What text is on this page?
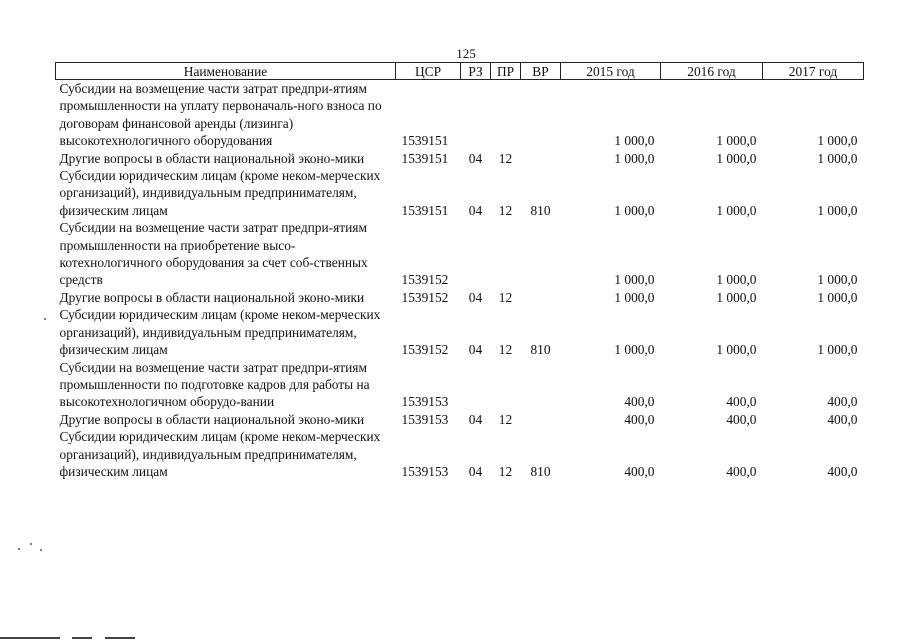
125
Наименование	ЦСР	РЗ	ПР	ВР	2015 год	2016 год	2017 год
Субсидии на возмещение части затрат предпри-ятиям промышленности на уплату первоначаль-ного взноса по договорам финансовой аренды (лизинга) высокотехнологичного оборудования	1539151				1 000,0	1 000,0	1 000,0
Другие вопросы в области национальной эконо-мики	1539151	04	12		1 000,0	1 000,0	1 000,0
Субсидии юридическим лицам (кроме неком-мерческих организаций), индивидуальным предпринимателям, физическим лицам	1539151	04	12	810	1 000,0	1 000,0	1 000,0
Субсидии на возмещение части затрат предпри-ятиям промышленности на приобретение высо-котехнологичного оборудования за счет соб-ственных средств	1539152				1 000,0	1 000,0	1 000,0
Другие вопросы в области национальной эконо-мики	1539152	04	12		1 000,0	1 000,0	1 000,0
Субсидии юридическим лицам (кроме неком-мерческих организаций), индивидуальным предпринимателям, физическим лицам	1539152	04	12	810	1 000,0	1 000,0	1 000,0
Субсидии на возмещение части затрат предпри-ятиям промышленности по подготовке кадров для работы на высокотехнологичном оборудо-вании	1539153				400,0	400,0	400,0
Другие вопросы в области национальной эконо-мики	1539153	04	12		400,0	400,0	400,0
Субсидии юридическим лицам (кроме неком-мерческих организаций), индивидуальным предпринимателям, физическим лицам	1539153	04	12	810	400,0	400,0	400,0
